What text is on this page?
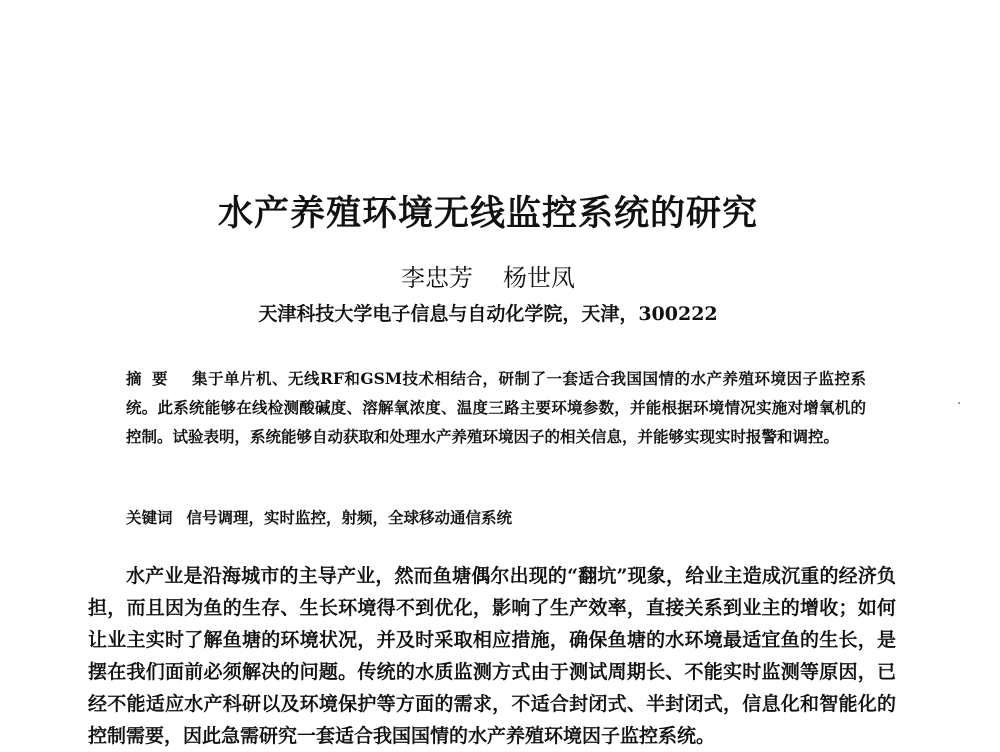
水产养殖环境无线监控系统的研究
李忠芳 杨世凤
天津科技大学电子信息与自动化学院，天津，300222
摘要 集于单片机、无线RF和GSM技术相结合，研制了一套适合我国国情的水产养殖环境因子监控系统。此系统能够在线检测酸碱度、溶解氧浓度、温度三路主要环境参数，并能根据环境情况实施对增氧机的控制。试验表明，系统能够自动获取和处理水产养殖环境因子的相关信息，并能够实现实时报警和调控。
关键词 信号调理，实时监控，射频，全球移动通信系统

水产业是沿海城市的主导产业，然而鱼塘偶尔出现的“翻坑”现象，给业主造成沉重的经济负担，而且因为鱼的生存、生长环境得不到优化，影响了生产效率，直接关系到业主的增收；如何让业主实时了解鱼塘的环境状况，并及时采取相应措施，确保鱼塘的水环境最适宜鱼的生长，是摆在我们面前必须解决的问题。传统的水质监测方式由于测试周期长、不能实时监测等原因，已经不能适应水产科研以及环境保护等方面的需求，不适合封闭式、半封闭式，信息化和智能化的控制需要，因此急需研究一套适合我国国情的水产养殖环境因子监控系统。
